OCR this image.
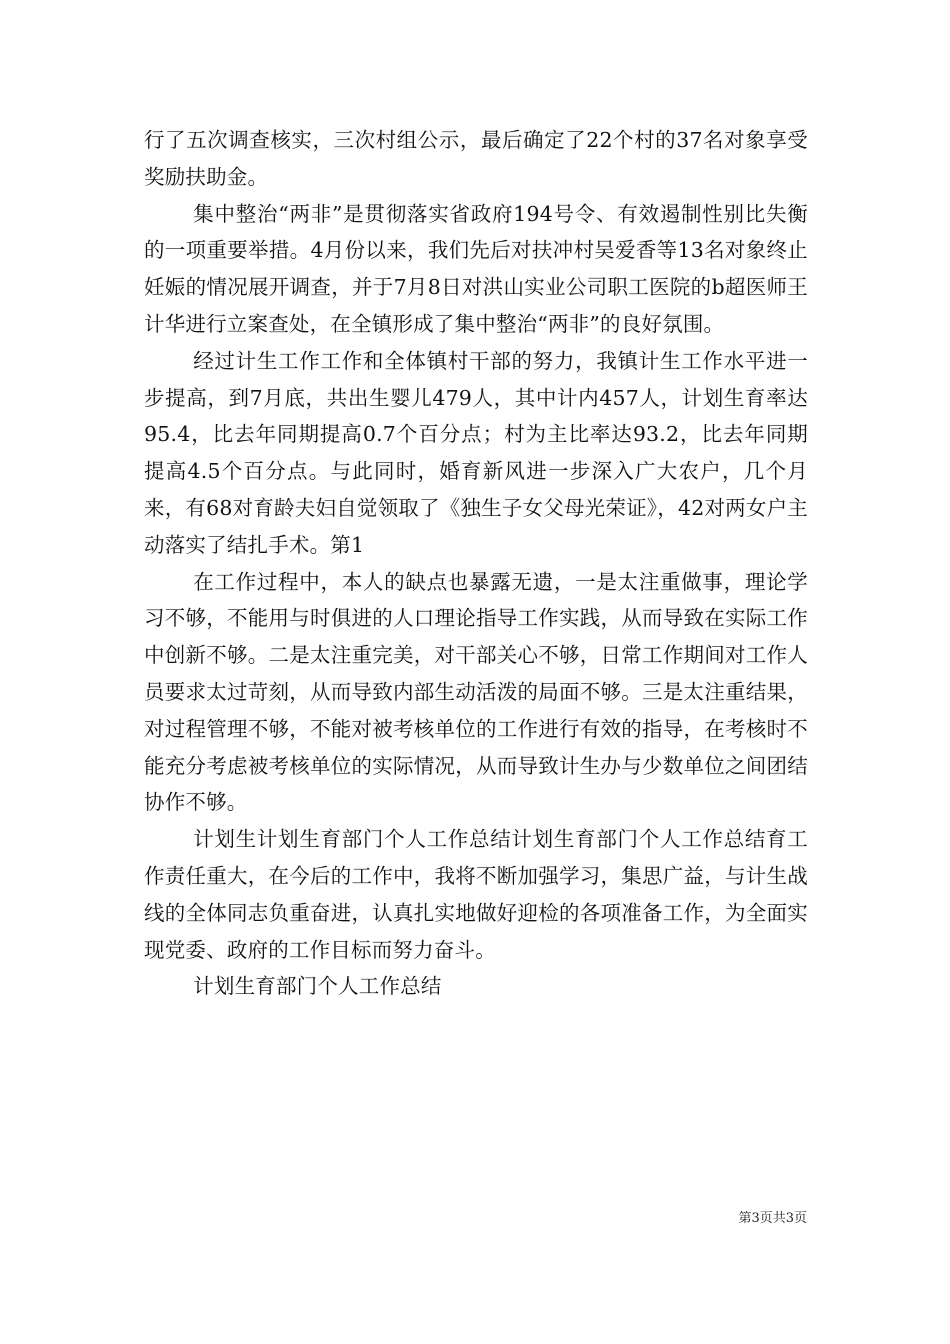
行了五次调查核实，三次村组公示，最后确定了22个村的37名对象享受奖励扶助金。

集中整治“两非”是贯彻落实省政府194号令、有效遏制性别比失衡的一项重要举措。4月份以来，我们先后对扶冲村吴爱香等13名对象终止妊娠的情况展开调查，并于7月8日对洪山实业公司职工医院的b超医师王计华进行立案查处，在全镇形成了集中整治“两非”的良好氛围。

经过计生工作工作和全体镇村干部的努力，我镇计生工作水平进一步提高，到7月底，共出生婴儿479人，其中计内457人，计划生育率达95.4，比去年同期提高0.7个百分点；村为主比率达93.2，比去年同期提高4.5个百分点。与此同时，婚育新风进一步深入广大农户，几个月来，有68对育龄夫妇自觉领取了《独生子女父母光荣证》，42对两女户主动落实了结扎手术。第1

在工作过程中，本人的缺点也暴露无遗，一是太注重做事，理论学习不够，不能用与时俱进的人口理论指导工作实践，从而导致在实际工作中创新不够。二是太注重完美，对干部关心不够，日常工作期间对工作人员要求太过苛刻，从而导致内部生动活泼的局面不够。三是太注重结果，对过程管理不够，不能对被考核单位的工作进行有效的指导，在考核时不能充分考虑被考核单位的实际情况，从而导致计生办与少数单位之间团结协作不够。

计划生计划生育部门个人工作总结计划生育部门个人工作总结育工作责任重大，在今后的工作中，我将不断加强学习，集思广益，与计生战线的全体同志负重奋进，认真扎实地做好迎检的各项准备工作，为全面实现党委、政府的工作目标而努力奋斗。

计划生育部门个人工作总结

第3页共3页
